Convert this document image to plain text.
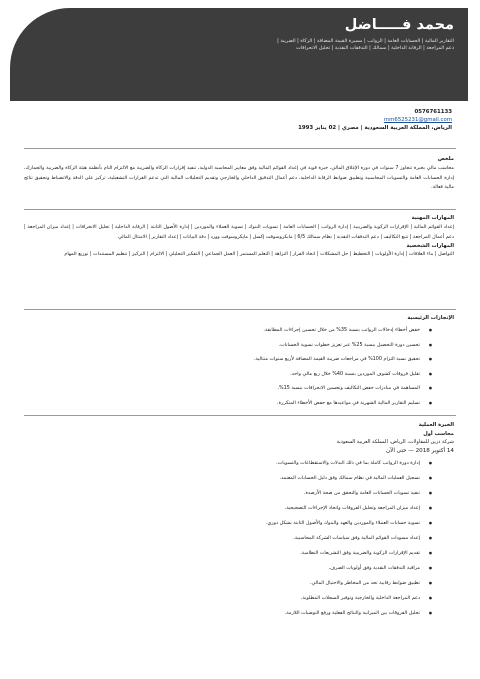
محمد فـــــاضل
التقارير المالية | الحسابات العامة | الرواتب | مسيرة القيمة المضافة | الزكاة | الضريبة |
دعم المراجعة | الرقابة الداخلية | سمالك | التدفقات النقدية | تحليل الانحرافات
0576761133
mm6525231@gmail.com
الرياض، المملكة العربية السعودية | مصري | 02 يناير 1993
ملخص
محاسب مالي بخبرة تتجاوز 7 سنوات في دورة الإغلاق المالي، خبرة قوية في إعداد القوائم المالية وفق معايير المحاسبة الدولية، تنفيذ إقرارات الزكاة والضريبة مع الالتزام التام بأنظمة هيئة الزكاة والضريبة والجمارك، إدارة الحسابات العامة والتسويات المحاسبية وتطبيق ضوابط الرقابة الداخلية، دعم أعمال التدقيق الداخلي والخارجي وتقديم التحليلات المالية التي تدعم القرارات التشغيلية، تركيز على الدقة والانضباط وتحقيق نتائج مالية فعالة.
المهارات المهنية
إعداد القوائم المالية | الإقرارات الزكوية والضريبية | إدارة الرواتب | الحسابات العامة | تسويات البنوك | تسوية العملاء والموردين | إدارة الأصول الثابتة | الرقابة الداخلية | تحليل الانحرافات | إعداد ميزان المراجعة | دعم أعمال المراجعة | تتبع التكاليف | دعم التدفقات النقدية | نظام سمالك 6/5 | مايكروسوفت إكسل | مايكروسوفت وورد | دقة البيانات | إعداد التقارير | الامتثال المالي
المهارات الشخصية
التواصل | بناء العلاقات | إدارة الأولويات | التخطيط | حل المشكلات | اتخاذ القرار | النزاهة | التعلم المستمر | العمل الجماعي | التفكير التحليلي | الالتزام | التركيز | تنظيم المستندات | توزيع المهام
الإنجازات الرئيسية
● خفض أخطاء إدخالات الرواتب بنسبة 35% من خلال تحسين إجراءات المطابقة.
● تحسين دورة التحصيل بنسبة 25% عبر تعزيز خطوات تسوية الحسابات.
● تحقيق نسبة التزام 100% في مراجعات ضريبة القيمة المضافة لأربع سنوات متتالية.
● تقليل فروقات كشوف الموردين بنسبة 40% خلال ربع مالي واحد.
● المساهمة في مبادرات خفض التكاليف وتحسين الانحرافات بنسبة 15%.
● تسليم التقارير المالية الشهرية في مواعيدها مع خفض الأخطاء المتكررة.
الخبرة العملية
محاسب أول
شركة درين للمقاولات، الرياض، المملكة العربية السعودية
14 أكتوبر 2018 — حتى الآن
● إدارة دورة الرواتب كاملة بما في ذلك البدلات والاستقطاعات والتسويات.
● تسجيل العمليات المالية في نظام سمالك وفق دليل الحسابات المعتمد.
● تنفيذ تسويات الحسابات العامة والتحقق من صحة الأرصدة.
● إعداد ميزان المراجعة وتحليل الفروقات واتخاذ الإجراءات التصحيحية.
● تسوية حسابات العملاء والموردين والعهد والبنوك والأصول الثابتة بشكل دوري.
● إعداد مسودات القوائم المالية وفق سياسات الشركة المحاسبية.
● تقديم الإقرارات الزكوية والضريبية وفق التشريعات النظامية.
● مراقبة التدفقات النقدية وفق أولويات الصرف.
● تطبيق ضوابط رقابية تحد من المخاطر والاحتيال المالي.
● دعم المراجعة الداخلية والخارجية وتوفير السجلات المطلوبة.
● تحليل الفروقات بين الميزانية والنتائج الفعلية ورفع التوصيات اللازمة.
